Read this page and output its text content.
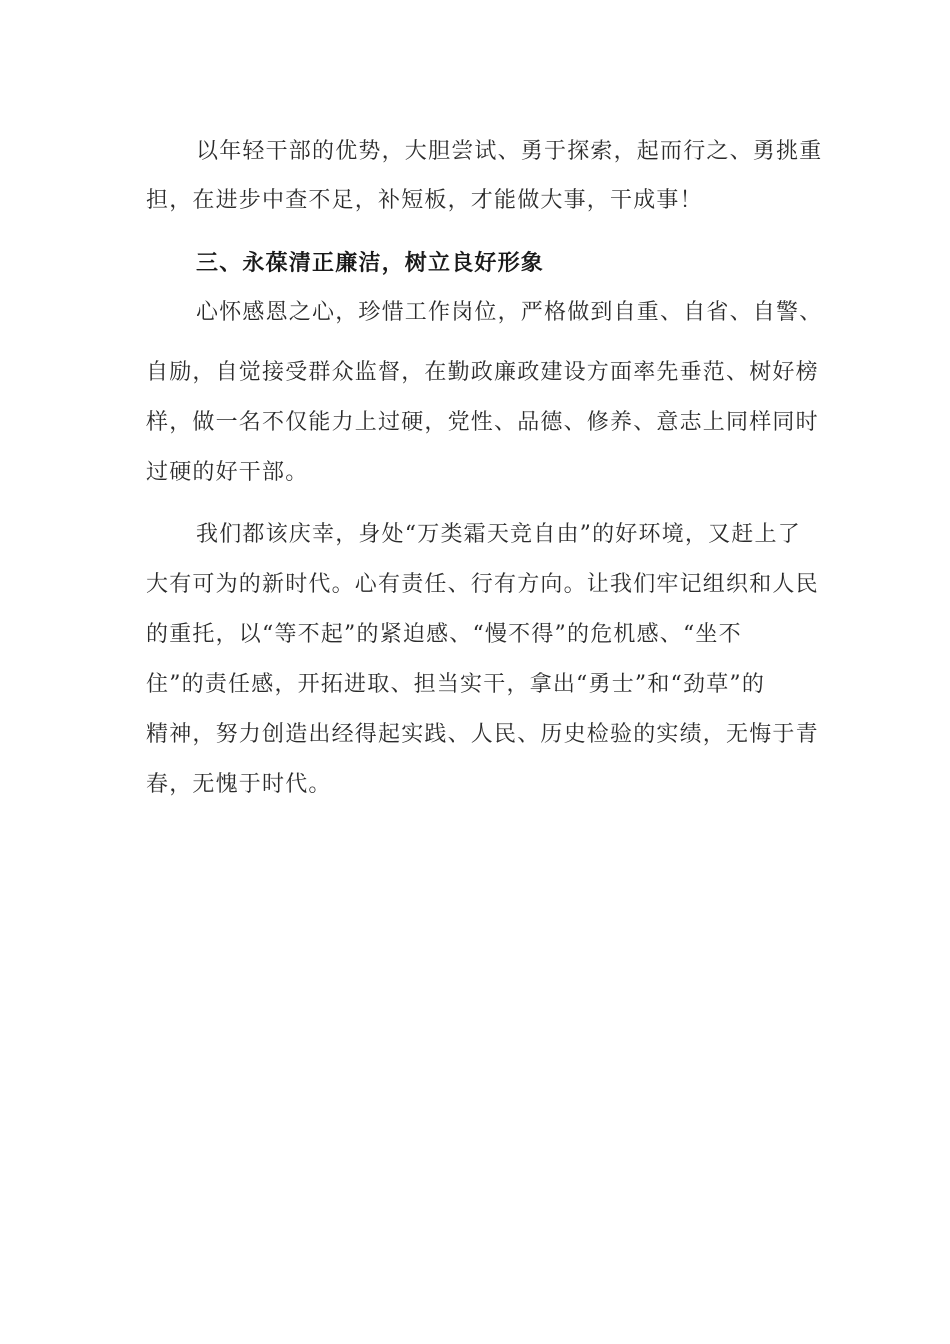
以年轻干部的优势，大胆尝试、勇于探索，起而行之、勇挑重
担，在进步中查不足，补短板，才能做大事，干成事！
三、永葆清正廉洁，树立良好形象
心怀感恩之心，珍惜工作岗位，严格做到自重、自省、自警、
自励，自觉接受群众监督，在勤政廉政建设方面率先垂范、树好榜
样，做一名不仅能力上过硬，党性、品德、修养、意志上同样同时
过硬的好干部。
我们都该庆幸，身处“万类霜天竞自由”的好环境，又赶上了
大有可为的新时代。心有责任、行有方向。让我们牢记组织和人民
的重托，以“等不起”的紧迫感、“慢不得”的危机感、“坐不
住”的责任感，开拓进取、担当实干，拿出“勇士”和“劲草”的
精神，努力创造出经得起实践、人民、历史检验的实绩，无悔于青
春，无愧于时代。
